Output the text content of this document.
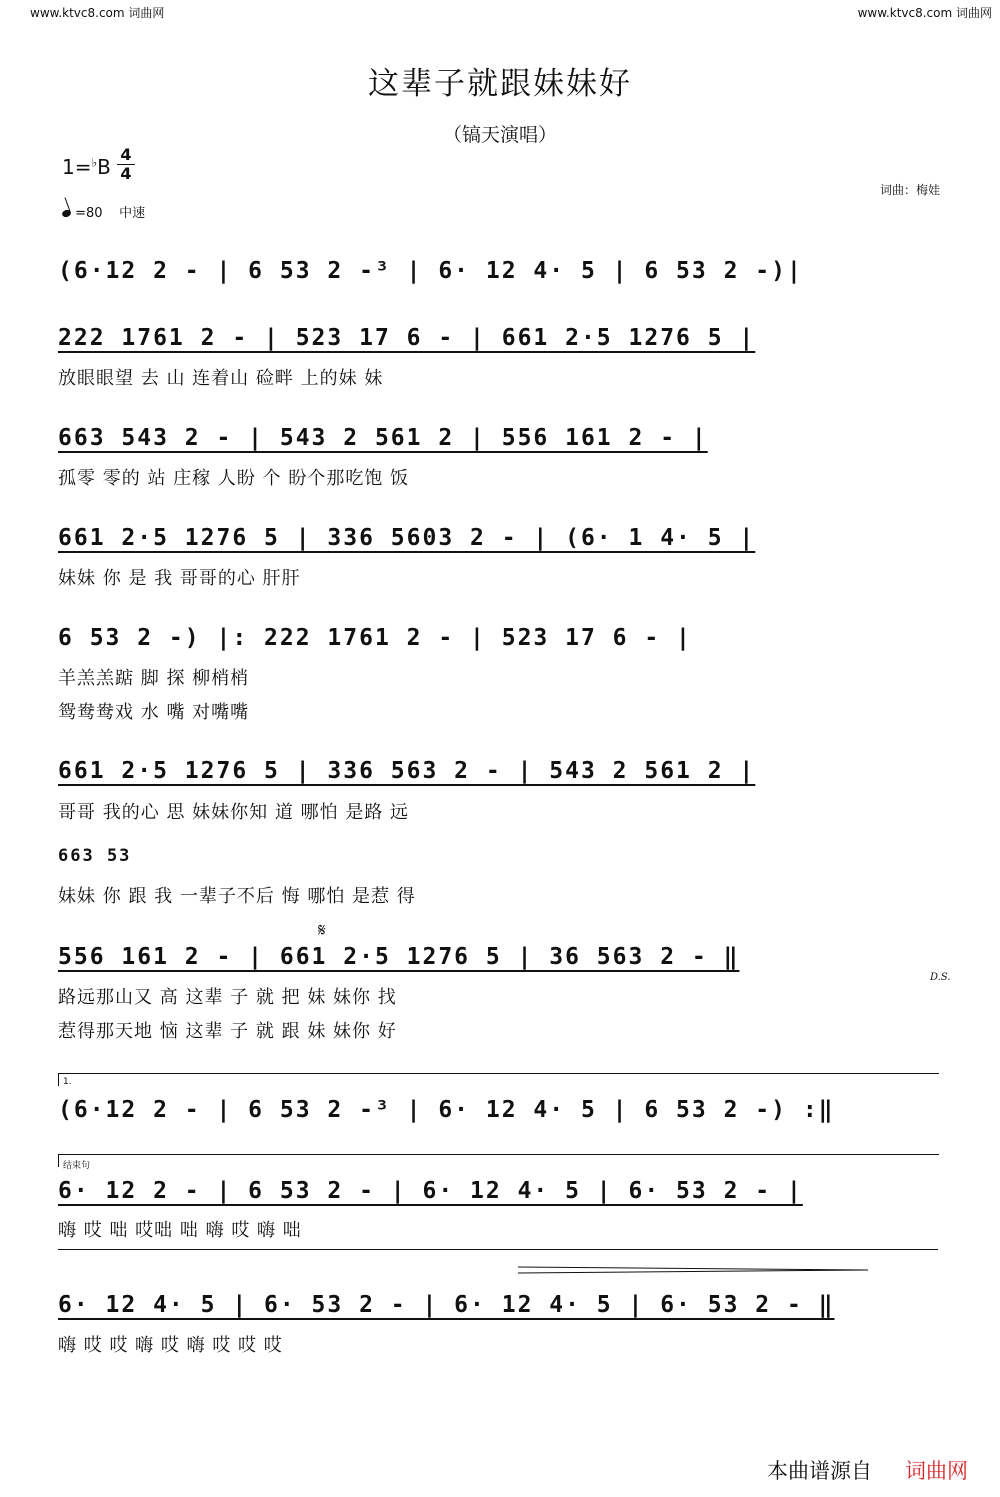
www.ktvc8.com 词曲网	www.ktvc8.com 词曲网
这辈子就跟妹妹好
（镐天演唱）
1=♭B
4
4
=80 中速
词曲：梅娃
(6·12 2 - | 6 53 2 -³ | 6· 12 4· 5 | 6 53 2 -)|
222 1761 2 - | 523 17 6 - | 661 2·5 1276 5 |
放眼眼望 去 山 连着山 硷畔 上的妹 妹
663 543 2 - | 543 2 561 2 | 556 161 2 - |
孤零 零的 站 庄稼 人盼 个 盼个那吃饱 饭
661 2·5 1276 5 | 336 5603 2 - | (6· 1 4· 5 |
妹妹 你 是 我 哥哥的心 肝肝
6 53 2 -) |: 222 1761 2 - | 523 17 6 - |
羊羔羔踮 脚 探 柳梢梢
鸳鸯鸯戏 水 嘴 对嘴嘴
661 2·5 1276 5 | 336 563 2 - | 543 2 561 2 |
哥哥 我的心 思 妹妹你知 道 哪怕 是路 远
663 53
妹妹 你 跟 我 一辈子不后 悔 哪怕 是惹 得
𝄋
556 161 2 - | 661 2·5 1276 5 | 36 563 2 - ‖
D.S.
路远那山又 高 这辈 子 就 把 妹 妹你 找
惹得那天地 恼 这辈 子 就 跟 妹 妹你 好
1.
(6·12 2 - | 6 53 2 -³ | 6· 12 4· 5 | 6 53 2 -) :‖
结束句
6· 12 2 - | 6 53 2 - | 6· 12 4· 5 | 6· 53 2 - |
嗨 哎 咄 哎咄 咄 嗨 哎 嗨 咄
6· 12 4· 5 | 6· 53 2 - | 6· 12 4· 5 | 6· 53 2 - ‖
嗨 哎 哎 嗨 哎 嗨 哎 哎 哎
本曲谱源自 词曲网
